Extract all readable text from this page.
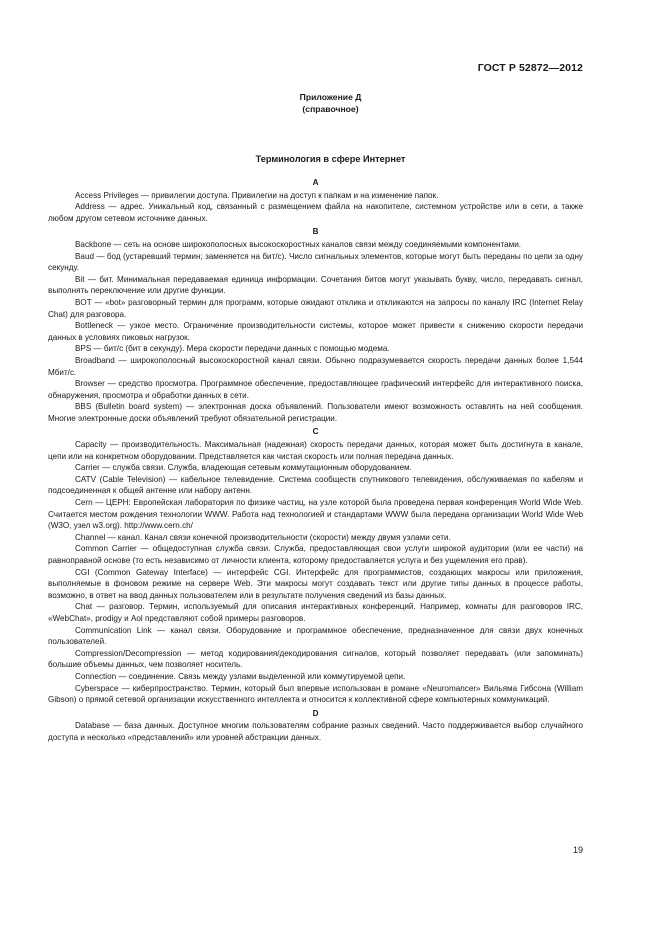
ГОСТ Р 52872—2012
Приложение Д
(справочное)
Терминология в сфере Интернет
А

Access Privileges — привилегии доступа. Привилегии на доступ к папкам и на изменение папок.

Address — адрес. Уникальный код, связанный с размещением файла на накопителе, системном устройстве или в сети, а также любом другом сетевом источнике данных.

В

Backbone — сеть на основе широкополосных высокоскоростных каналов связи между соединяемыми компонентами.

Baud — бод (устаревший термин; заменяется на бит/с). Число сигнальных элементов, которые могут быть переданы по цепи за одну секунду.

Bit — бит. Минимальная передаваемая единица информации. Сочетания битов могут указывать букву, число, передавать сигнал, выполнять переключение или другие функции.

BOT — «bot» разговорный термин для программ, которые ожидают отклика и откликаются на запросы по каналу IRC (Internet Relay Chat) для разговора.

Bottleneck — узкое место. Ограничение производительности системы, которое может привести к снижению скорости передачи данных в условиях пиковых нагрузок.

BPS — бит/с (бит в секунду). Мера скорости передачи данных с помощью модема.

Broadband — широкополосный высокоскоростной канал связи. Обычно подразумевается скорость передачи данных более 1,544 Мбит/с.

Browser — средство просмотра. Программное обеспечение, предоставляющее графический интерфейс для интерактивного поиска, обнаружения, просмотра и обработки данных в сети.

BBS (Bulletin board system) — электронная доска объявлений. Пользователи имеют возможность оставлять на ней сообщения. Многие электронные доски объявлений требуют обязательной регистрации.

С

Capacity — производительность. Максимальная (надежная) скорость передачи данных, которая может быть достигнута в канале, цепи или на конкретном оборудовании. Представляется как чистая скорость или полная передача данных.

Carrier — служба связи. Служба, владеющая сетевым коммутационным оборудованием.

CATV (Cable Television) — кабельное телевидение. Система сообществ спутникового телевидения, обслуживаемая по кабелям и подсоединенная к общей антенне или набору антенн.

Cern — ЦЕРН: Европейская лаборатория по физике частиц, на узле которой была проведена первая конференция World Wide Web. Считается местом рождения технологии WWW. Работа над технологией и стандартами WWW была передана организации World Wide Web (W3O, узел w3.org). http://www.cern.ch/

Channel — канал. Канал связи конечной производительности (скорости) между двумя узлами сети.

Common Carrier — общедоступная служба связи. Служба, предоставляющая свои услуги широкой аудитории (или ее части) на равноправной основе (то есть независимо от личности клиента, которому предоставляется услуга и без ущемления его прав).

CGI (Common Gateway Interface) — интерфейс CGI. Интерфейс для программистов, создающих макросы или приложения, выполняемые в фоновом режиме на сервере Web. Эти макросы могут создавать текст или другие типы данных в процессе работы, возможно, в ответ на ввод данных пользователем или в результате получения сведений из базы данных.

Chat — разговор. Термин, используемый для описания интерактивных конференций. Например, комнаты для разговоров IRC, «WebChat», prodigy и Aol представляют собой примеры разговоров.

Communication Link — канал связи. Оборудование и программное обеспечение, предназначенное для связи двух конечных пользователей.

Compression/Decompression — метод кодирования/декодирования сигналов, который позволяет передавать (или запоминать) большие объемы данных, чем позволяет носитель.

Connection — соединение. Связь между узлами выделенной или коммутируемой цепи.

Cyberspace — киберпространство. Термин, который был впервые использован в романе «Neuromancer» Вильяма Гибсона (William Gibson) о прямой сетевой организации искусственного интеллекта и относится к коллективной сфере компьютерных коммуникаций.

D

Database — база данных. Доступное многим пользователям собрание разных сведений. Часто поддерживается выбор случайного доступа и несколько «представлений» или уровней абстракции данных.

19
